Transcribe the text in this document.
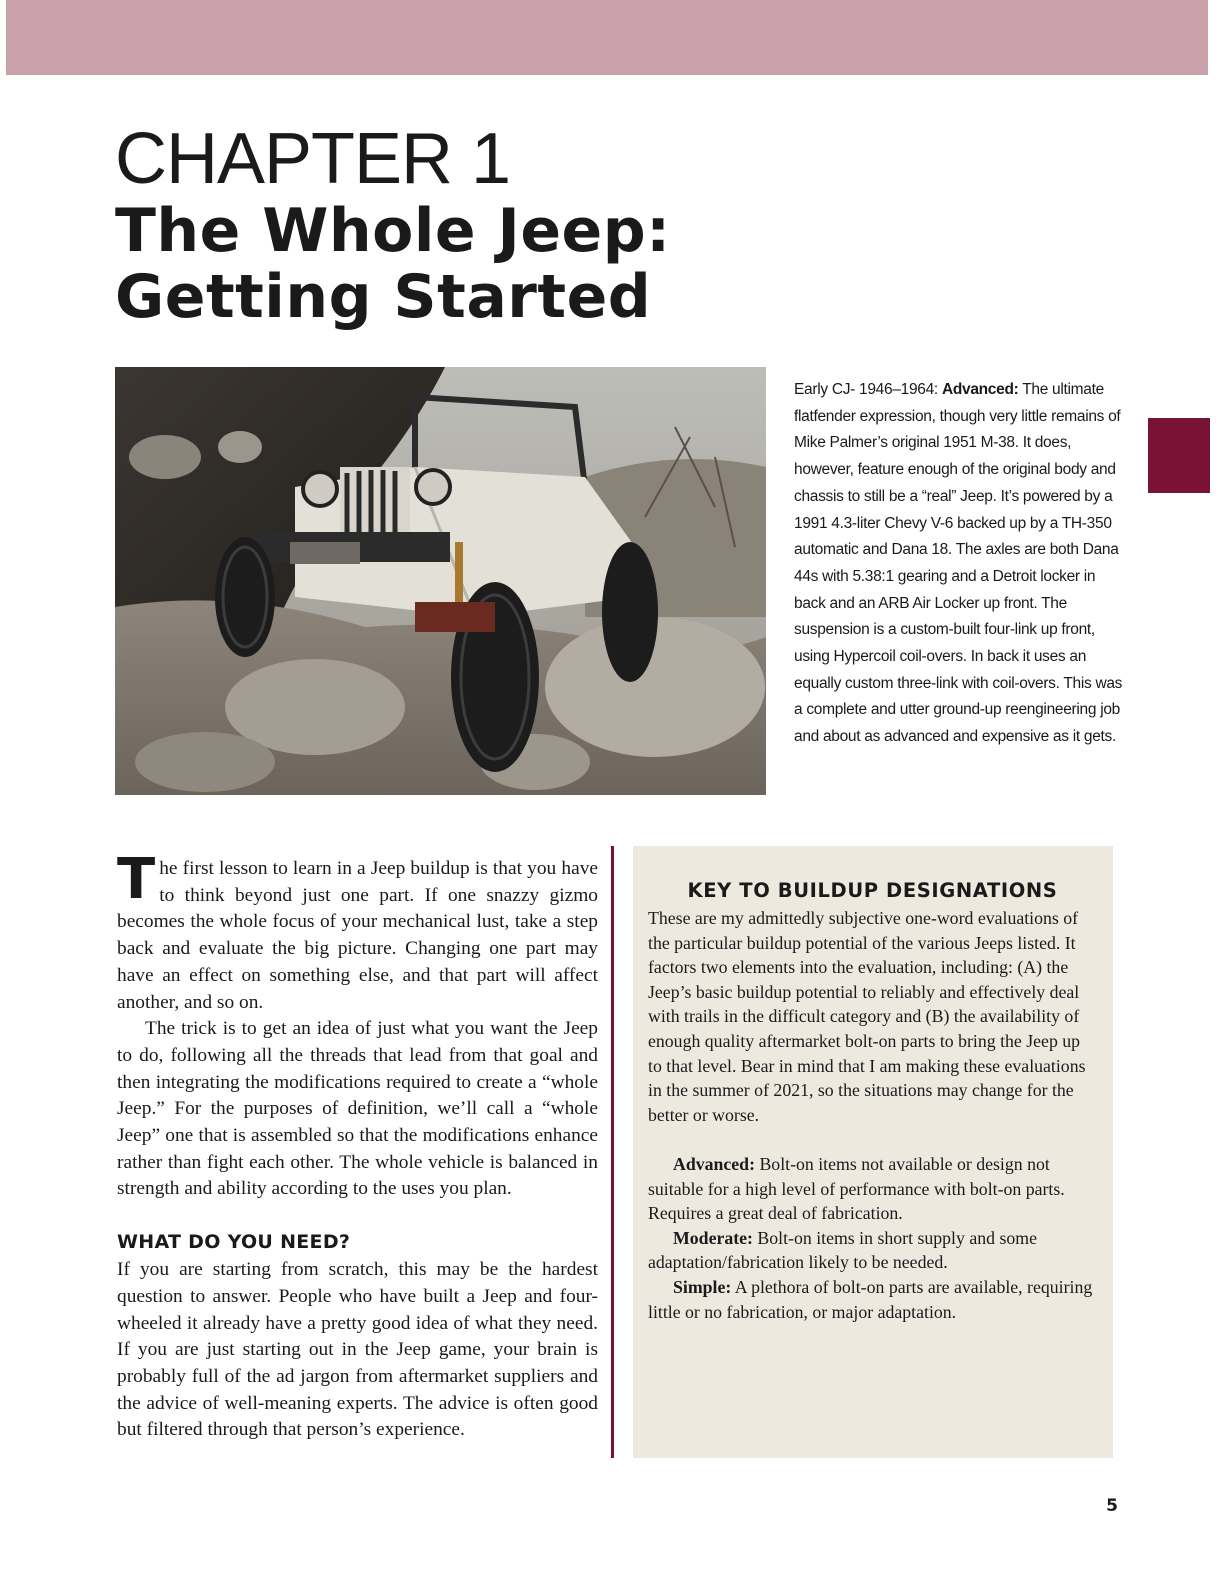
CHAPTER 1
The Whole Jeep:
Getting Started
Early CJ- 1946–1964: Advanced: The ultimate flatfender expression, though very little remains of Mike Palmer’s original 1951 M-38. It does, however, feature enough of the original body and chassis to still be a “real” Jeep. It’s powered by a 1991 4.3-liter Chevy V-6 backed up by a TH-350 automatic and Dana 18. The axles are both Dana 44s with 5.38:1 gearing and a Detroit locker in back and an ARB Air Locker up front. The suspension is a custom-built four-link up front, using Hypercoil coil-overs. In back it uses an equally custom three-link with coil-overs. This was a complete and utter ground-up reengineering job and about as advanced and expensive as it gets.

The first lesson to learn in a Jeep buildup is that you have to think beyond just one part. If one snazzy gizmo becomes the whole focus of your mechanical lust, take a step back and evaluate the big picture. Changing one part may have an effect on something else, and that part will affect another, and so on.

The trick is to get an idea of just what you want the Jeep to do, following all the threads that lead from that goal and then integrating the modifications required to create a “whole Jeep.” For the purposes of definition, we’ll call a “whole Jeep” one that is assembled so that the modifications enhance rather than fight each other. The whole vehicle is balanced in strength and ability according to the uses you plan.

WHAT DO YOU NEED?

If you are starting from scratch, this may be the hardest question to answer. People who have built a Jeep and four-wheeled it already have a pretty good idea of what they need. If you are just starting out in the Jeep game, your brain is probably full of the ad jargon from aftermarket suppliers and the advice of well-meaning experts. The advice is often good but filtered through that person’s experience.

KEY TO BUILDUP DESIGNATIONS

These are my admittedly subjective one-word evaluations of the particular buildup potential of the various Jeeps listed. It factors two elements into the evaluation, including: (A) the Jeep’s basic buildup potential to reliably and effectively deal with trails in the difficult category and (B) the availability of enough quality aftermarket bolt-on parts to bring the Jeep up to that level. Bear in mind that I am making these evaluations in the summer of 2021, so the situations may change for the better or worse.

Advanced: Bolt-on items not available or design not suitable for a high level of performance with bolt-on parts. Requires a great deal of fabrication.

Moderate: Bolt-on items in short supply and some adaptation/fabrication likely to be needed.

Simple: A plethora of bolt-on parts are available, requiring little or no fabrication, or major adaptation.

5
